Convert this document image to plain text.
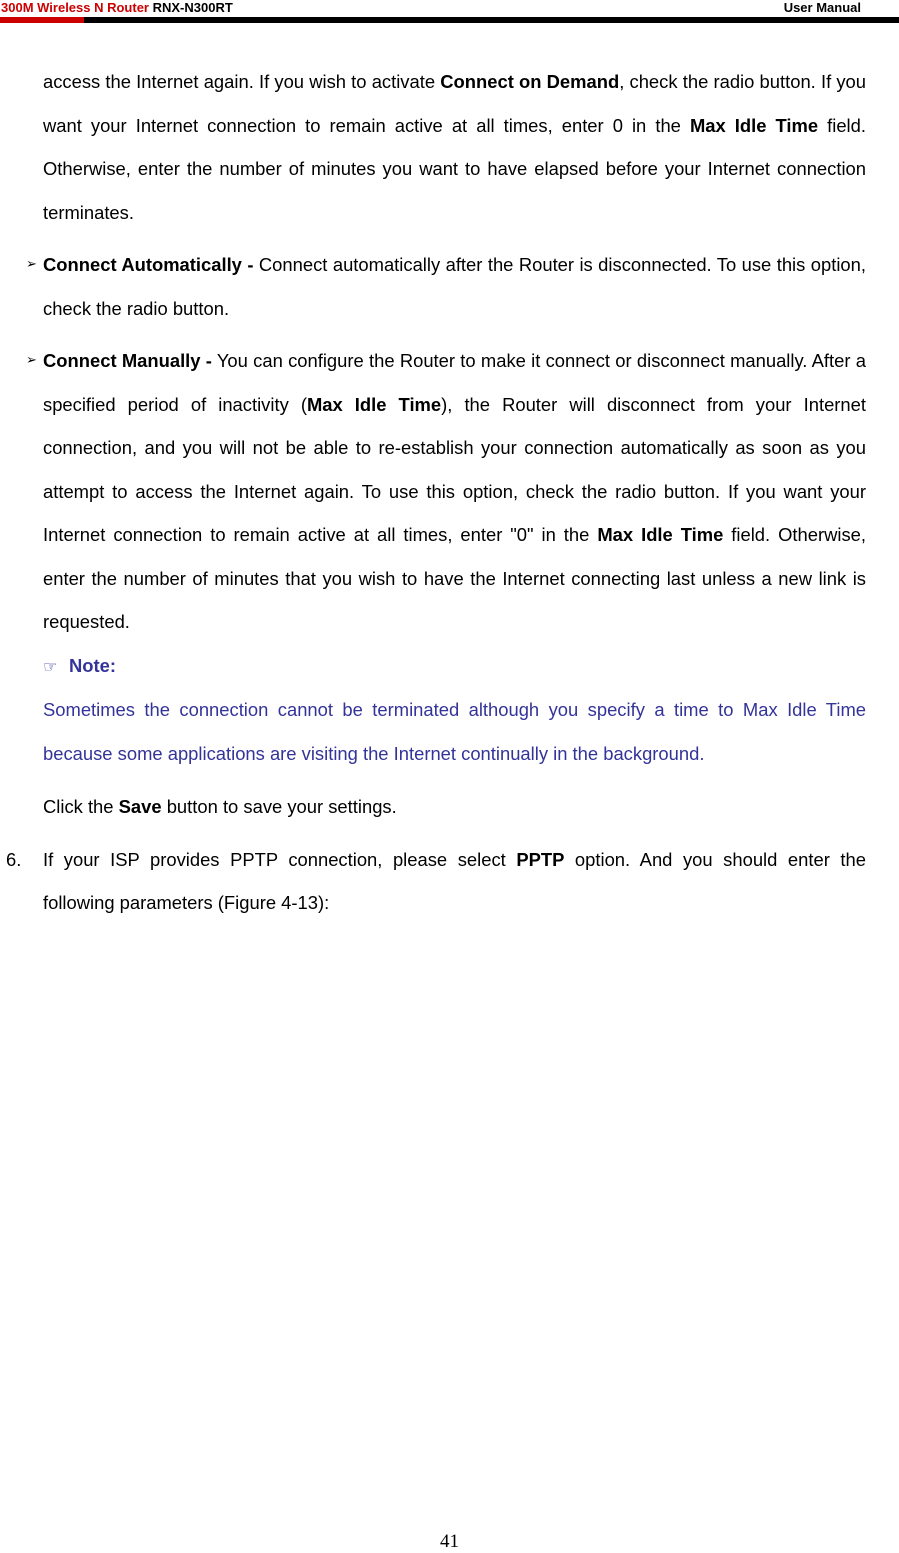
300M Wireless N Router RNX-N300RT	User Manual

access the Internet again. If you wish to activate Connect on Demand, check the radio button. If you want your Internet connection to remain active at all times, enter 0 in the Max Idle Time field. Otherwise, enter the number of minutes you want to have elapsed before your Internet connection terminates.

➢ Connect Automatically - Connect automatically after the Router is disconnected. To use this option, check the radio button.

➢ Connect Manually - You can configure the Router to make it connect or disconnect manually. After a specified period of inactivity (Max Idle Time), the Router will disconnect from your Internet connection, and you will not be able to re-establish your connection automatically as soon as you attempt to access the Internet again. To use this option, check the radio button. If you want your Internet connection to remain active at all times, enter "0" in the Max Idle Time field. Otherwise, enter the number of minutes that you wish to have the Internet connecting last unless a new link is requested.

☞ Note:

Sometimes the connection cannot be terminated although you specify a time to Max Idle Time because some applications are visiting the Internet continually in the background.

Click the Save button to save your settings.

6. If your ISP provides PPTP connection, please select PPTP option. And you should enter the following parameters (Figure 4-13):

41
